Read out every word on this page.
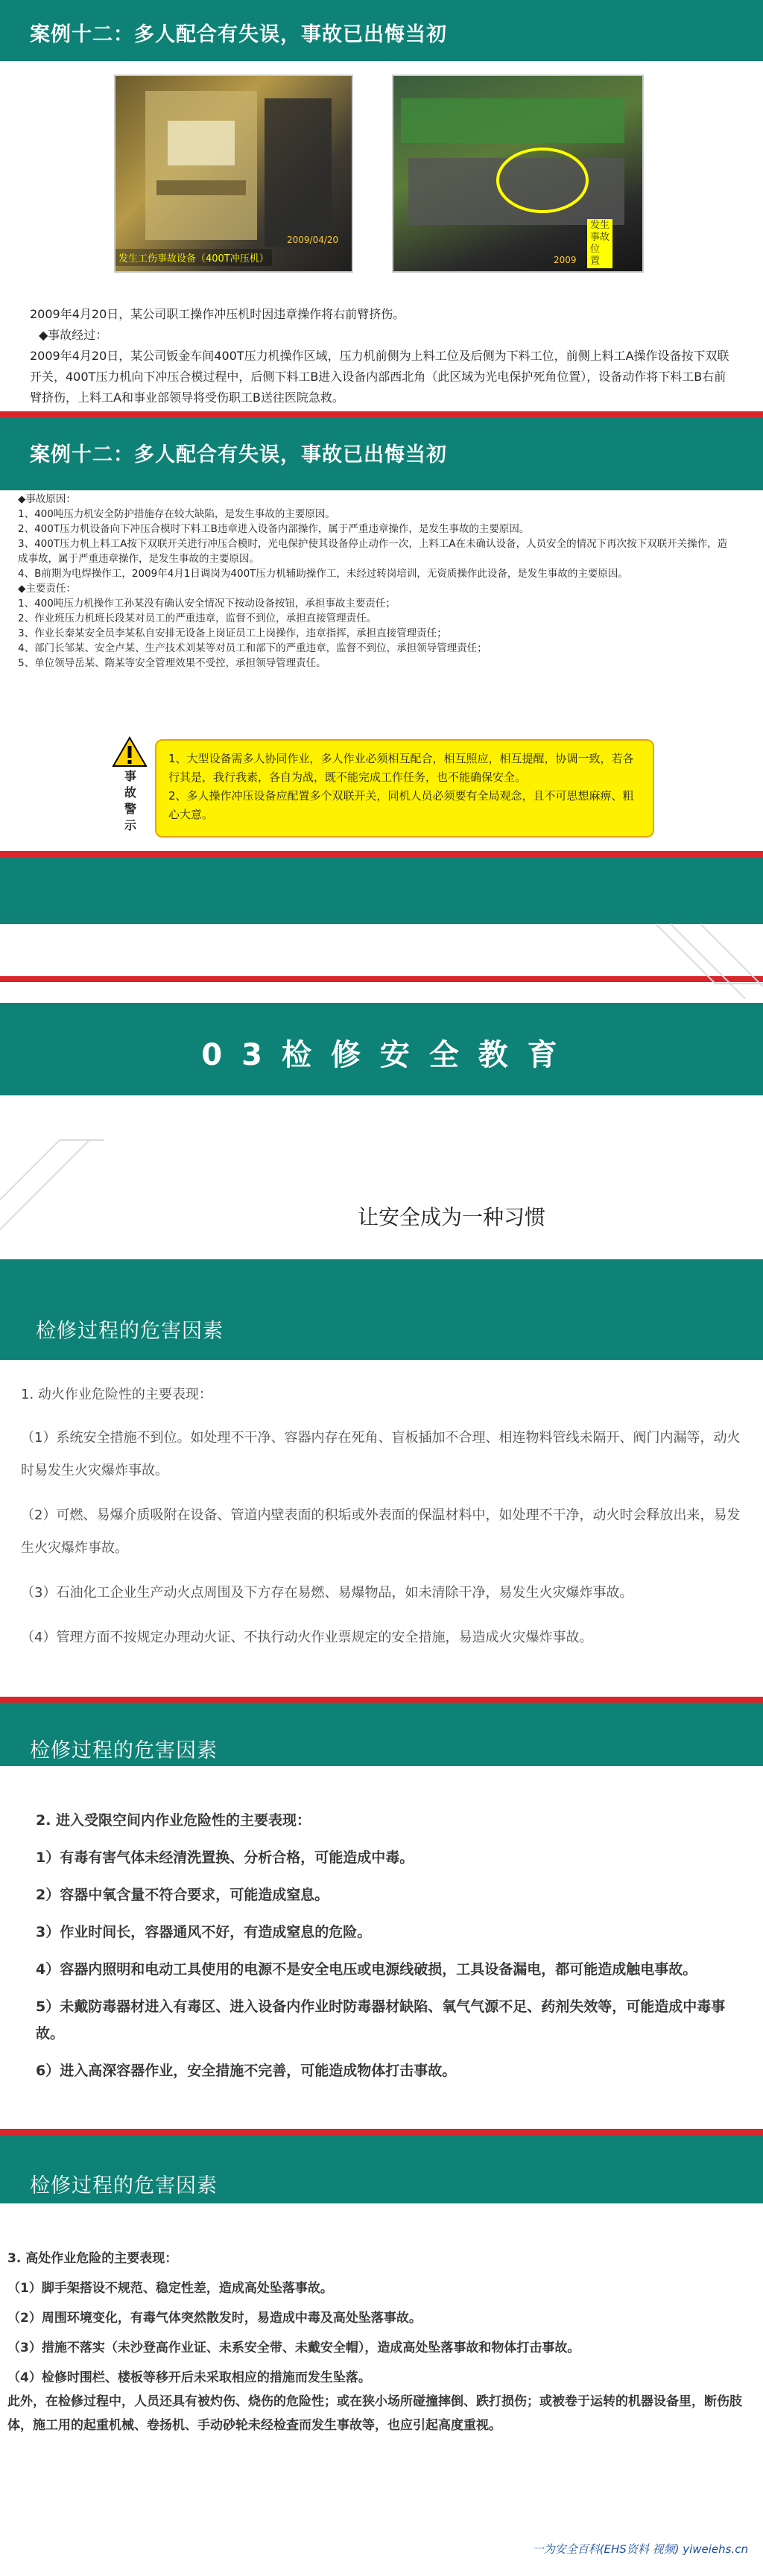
案例十二：多人配合有失误，事故已出悔当初
发生工伤事故设备（400T冲压机）
2009/04/20
发生
事故
位
置
2009

2009年4月20日，某公司职工操作冲压机时因违章操作将右前臂挤伤。

◆事故经过：

2009年4月20日，某公司钣金车间400T压力机操作区域，压力机前侧为上料工位及后侧为下料工位，前侧上料工A操作设备按下双联开关，400T压力机向下冲压合模过程中，后侧下料工B进入设备内部西北角（此区域为光电保护死角位置），设备动作将下料工B右前臂挤伤，上料工A和事业部领导将受伤职工B送往医院急救。

案例十二：多人配合有失误，事故已出悔当初

◆事故原因：

1、400吨压力机安全防护措施存在较大缺陷，是发生事故的主要原因。

2、400T压力机设备向下冲压合模时下料工B违章进入设备内部操作，属于严重违章操作，是发生事故的主要原因。

3、400T压力机上料工A按下双联开关进行冲压合模时，光电保护使其设备停止动作一次，上料工A在未确认设备，人员安全的情况下再次按下双联开关操作，造成事故，属于严重违章操作，是发生事故的主要原因。

4、B前期为电焊操作工，2009年4月1日调岗为400T压力机辅助操作工，未经过转岗培训，无资质操作此设备，是发生事故的主要原因。

◆主要责任：

1、400吨压力机操作工孙某没有确认安全情况下按动设备按钮，承担事故主要责任；

2、作业班压力机班长段某对员工的严重违章，监督不到位，承担直接管理责任。

3、作业长秦某安全员李某私自安排无设备上岗证员工上岗操作，违章指挥，承担直接管理责任；

4、部门长邹某、安全卢某、生产技术刘某等对员工和部下的严重违章，监督不到位，承担领导管理责任；

5、单位领导岳某、隋某等安全管理效果不受控，承担领导管理责任。

事
故
警
示
1、大型设备需多人协同作业，多人作业必须相互配合，相互照应，相互提醒，协调一致，若各行其是，我行我素，各自为战，既不能完成工作任务，也不能确保安全。
2、多人操作冲压设备应配置多个双联开关，同机人员必须要有全局观念，且不可思想麻痹、粗心大意。
0 3 检 修 安 全 教 育
让安全成为一种习惯
检修过程的危害因素

1. 动火作业危险性的主要表现：

（1）系统安全措施不到位。如处理不干净、容器内存在死角、盲板插加不合理、相连物料管线未隔开、阀门内漏等，动火时易发生火灾爆炸事故。

（2）可燃、易爆介质吸附在设备、管道内壁表面的积垢或外表面的保温材料中，如处理不干净，动火时会释放出来，易发生火灾爆炸事故。

（3）石油化工企业生产动火点周围及下方存在易燃、易爆物品，如未清除干净，易发生火灾爆炸事故。

（4）管理方面不按规定办理动火证、不执行动火作业票规定的安全措施，易造成火灾爆炸事故。

检修过程的危害因素

2. 进入受限空间内作业危险性的主要表现：

1）有毒有害气体未经清洗置换、分析合格，可能造成中毒。

2）容器中氧含量不符合要求，可能造成窒息。

3）作业时间长，容器通风不好，有造成窒息的危险。

4）容器内照明和电动工具使用的电源不是安全电压或电源线破损，工具设备漏电，都可能造成触电事故。

5）未戴防毒器材进入有毒区、进入设备内作业时防毒器材缺陷、氧气气源不足、药剂失效等，可能造成中毒事故。

6）进入高深容器作业，安全措施不完善，可能造成物体打击事故。

检修过程的危害因素

3. 高处作业危险的主要表现：

（1）脚手架搭设不规范、稳定性差，造成高处坠落事故。

（2）周围环境变化，有毒气体突然散发时，易造成中毒及高处坠落事故。

（3）措施不落实（未沙登高作业证、未系安全带、未戴安全帽），造成高处坠落事故和物体打击事故。

（4）检修时围栏、楼板等移开后未采取相应的措施而发生坠落。

此外，在检修过程中，人员还具有被灼伤、烧伤的危险性；或在狭小场所碰撞摔倒、跌打损伤；或被卷于运转的机器设备里，断伤肢体，施工用的起重机械、卷扬机、手动砂轮未经检查而发生事故等，也应引起高度重视。

一为安全百科(EHS资料 视频) yiweiehs.cn
